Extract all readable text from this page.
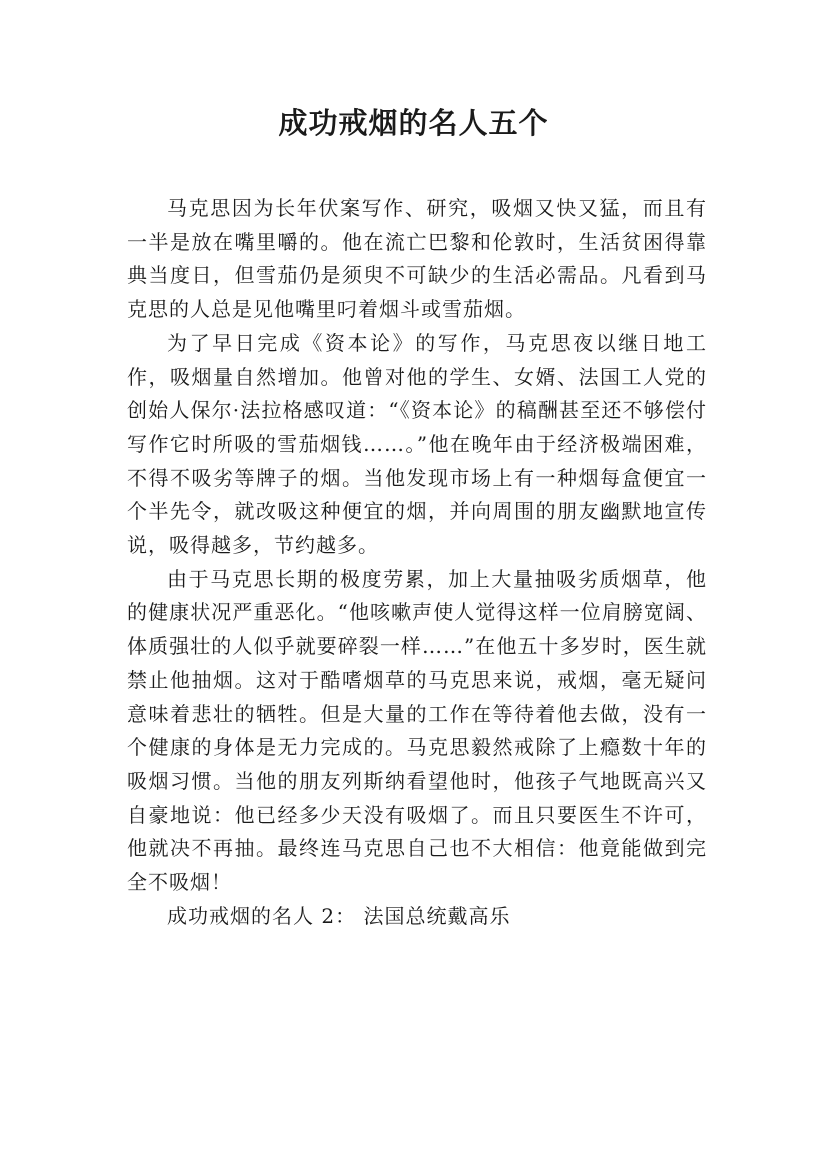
成功戒烟的名人五个

马克思因为长年伏案写作、研究，吸烟又快又猛，而且有一半是放在嘴里嚼的。他在流亡巴黎和伦敦时，生活贫困得靠典当度日，但雪茄仍是须臾不可缺少的生活必需品。凡看到马克思的人总是见他嘴里叼着烟斗或雪茄烟。

为了早日完成《资本论》的写作，马克思夜以继日地工作，吸烟量自然增加。他曾对他的学生、女婿、法国工人党的创始人保尔·法拉格感叹道：“《资本论》的稿酬甚至还不够偿付写作它时所吸的雪茄烟钱……。”他在晚年由于经济极端困难，不得不吸劣等牌子的烟。当他发现市场上有一种烟每盒便宜一个半先令，就改吸这种便宜的烟，并向周围的朋友幽默地宣传说，吸得越多，节约越多。

由于马克思长期的极度劳累，加上大量抽吸劣质烟草，他的健康状况严重恶化。“他咳嗽声使人觉得这样一位肩膀宽阔、体质强壮的人似乎就要碎裂一样……”在他五十多岁时，医生就禁止他抽烟。这对于酷嗜烟草的马克思来说，戒烟，毫无疑问意味着悲壮的牺牲。但是大量的工作在等待着他去做，没有一个健康的身体是无力完成的。马克思毅然戒除了上瘾数十年的吸烟习惯。当他的朋友列斯纳看望他时，他孩子气地既高兴又自豪地说：他已经多少天没有吸烟了。而且只要医生不许可，他就决不再抽。最终连马克思自己也不大相信：他竟能做到完全不吸烟！

成功戒烟的名人 2： 法国总统戴高乐
